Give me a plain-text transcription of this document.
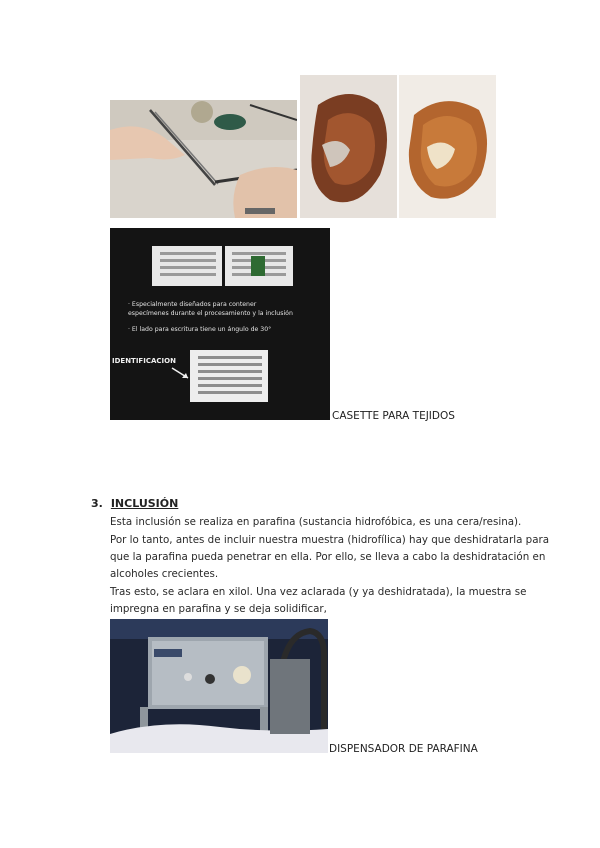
· Especialmente diseñados para contener
especímenes durante el procesamiento y la inclusión
· El lado para escritura tiene un ángulo de 30°
IDENTIFICACION
CASETTE PARA TEJIDOS
3. INCLUSIÓN
Esta inclusión se realiza en parafina (sustancia hidrofóbica, es una cera/resina).
Por lo tanto, antes de incluir nuestra muestra (hidrofílica) hay que deshidratarla para
que la parafina pueda penetrar en ella. Por ello, se lleva a cabo la deshidratación en
alcoholes crecientes.
Tras esto, se aclara en xilol. Una vez aclarada (y ya deshidratada), la muestra se
impregna en parafina y se deja solidificar,
DISPENSADOR DE PARAFINA
